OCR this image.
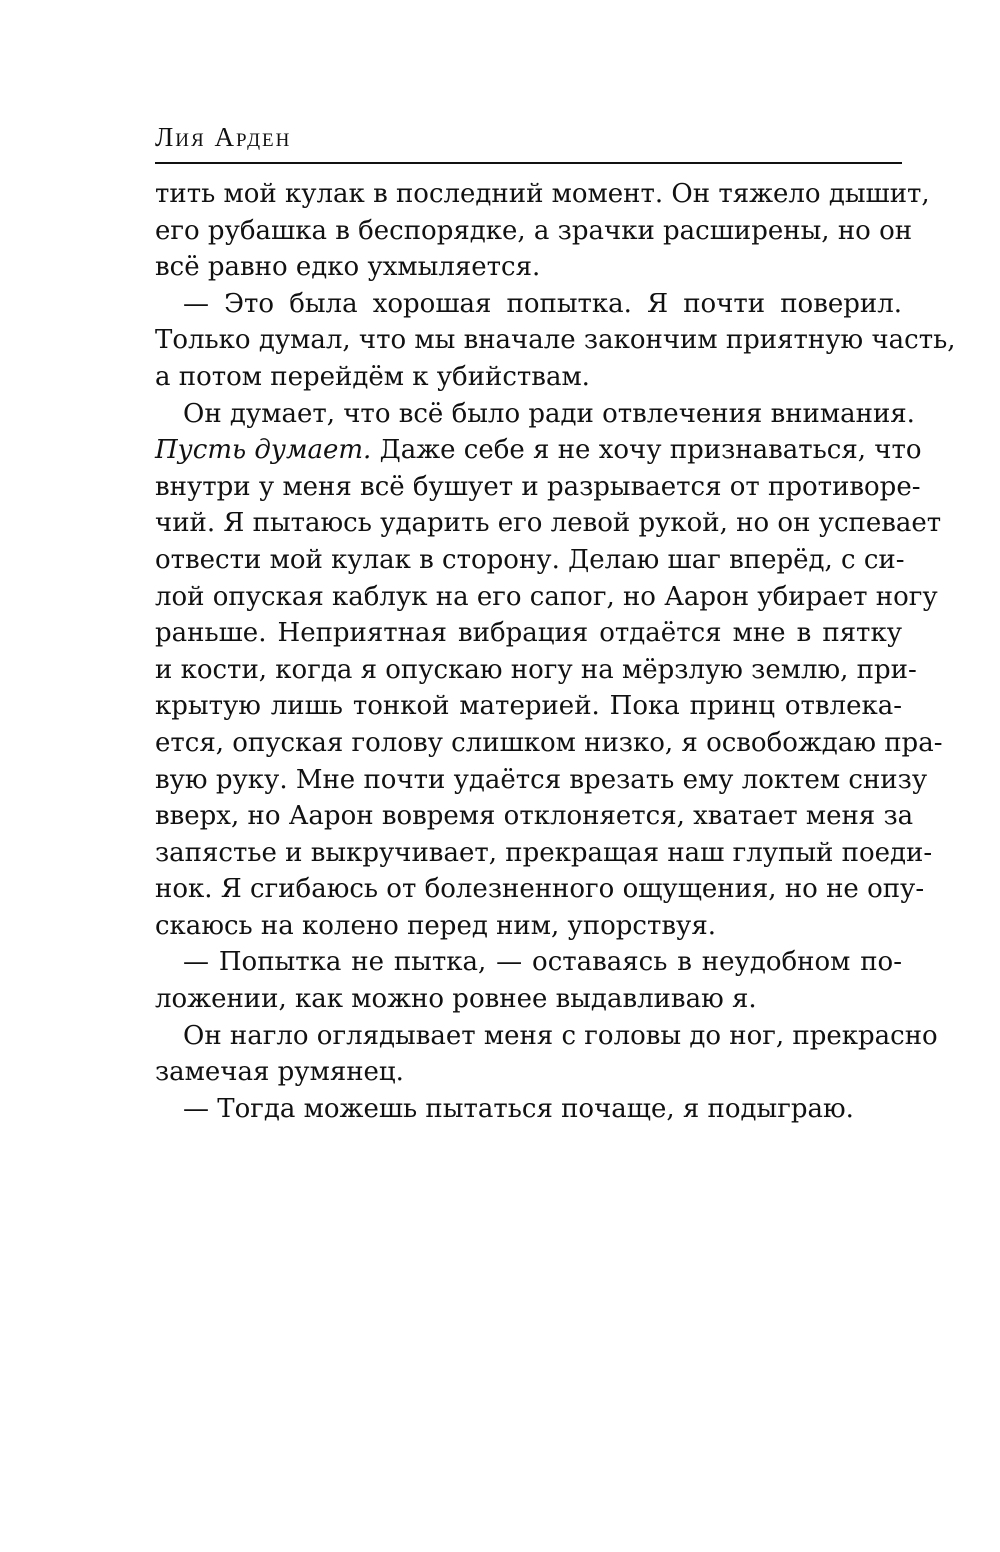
Лия Арден
тить мой кулак в последний момент. Он тяжело дышит,
его рубашка в беспорядке, а зрачки расширены, но он
всё равно едко ухмыляется.
— Это была хорошая попытка. Я почти поверил.
Только думал, что мы вначале закончим приятную часть,
а потом перейдём к убийствам.
Он думает, что всё было ради отвлечения внимания.
Пусть думает. Даже себе я не хочу признаваться, что
внутри у меня всё бушует и разрывается от противоре-
чий. Я пытаюсь ударить его левой рукой, но он успевает
отвести мой кулак в сторону. Делаю шаг вперёд, с си-
лой опуская каблук на его сапог, но Аарон убирает ногу
раньше. Неприятная вибрация отдаётся мне в пятку
и кости, когда я опускаю ногу на мёрзлую землю, при-
крытую лишь тонкой материей. Пока принц отвлека-
ется, опуская голову слишком низко, я освобождаю пра-
вую руку. Мне почти удаётся врезать ему локтем снизу
вверх, но Аарон вовремя отклоняется, хватает меня за
запястье и выкручивает, прекращая наш глупый поеди-
нок. Я сгибаюсь от болезненного ощущения, но не опу-
скаюсь на колено перед ним, упорствуя.
— Попытка не пытка, — оставаясь в неудобном по-
ложении, как можно ровнее выдавливаю я.
Он нагло оглядывает меня с головы до ног, прекрасно
замечая румянец.
— Тогда можешь пытаться почаще, я подыграю.
